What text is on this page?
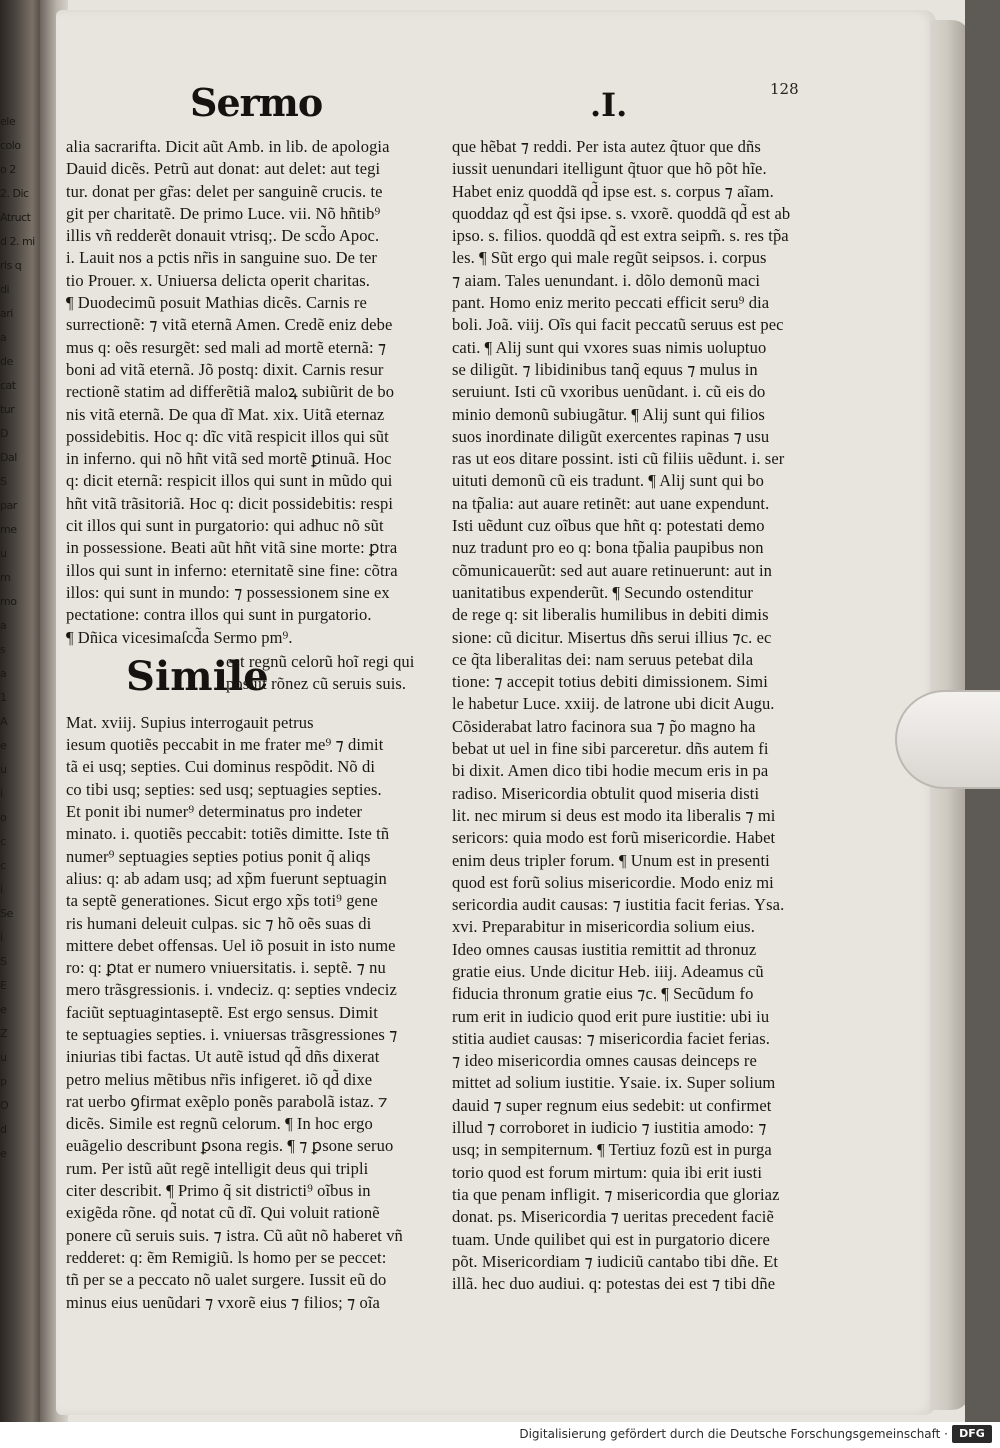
ele
colo
o 2
2. Dic
Atruct
d 2. mi
ris q
di
ari
a
de
cat
tur
D
Dal
S
par
me
u
m
mo
a
s
a
1
A
e
u
i
o
c
c
i
Se
i
S
E
e
Z
u
p
O
d
e
Sermo	.I.	128
alia sacrarifta. Dicit aũt Amb. in lib. de apologia
Dauid dicẽs. Petrũ aut donat: aut delet: aut tegi
tur. donat per gr̃as: delet per sanguinẽ crucis. te
git per charitatẽ. De primo Luce. vii. Nõ hñtib⁹
illis vñ redderẽt donauit vtrisq;. De scd̃o Apoc.
i. Lauit nos a pctis nr̃is in sanguine suo. De ter
tio Prouer. x. Uniuersa delicta operit charitas.
¶ Duodecimũ posuit Mathias dicẽs. Carnis re
surrectionẽ: ⁊ vitã eternã Amen. Credẽ eniz debe
mus q: oẽs resurgẽt: sed mali ad mortẽ eternã: ⁊
boni ad vitã eternã. Jõ postq: dixit. Carnis resur
rectionẽ statim ad differẽtiã maloꝝ subiũrit de bo
nis vitã eternã. De qua dĩ Mat. xix. Uitã eternaz
possidebitis. Hoc q: dĩc vitã respicit illos qui sũt
in inferno. qui nõ hñt vitã sed mortẽ ꝑtinuã. Hoc
q: dicit eternã: respicit illos qui sunt in mũdo qui
hñt vitã trãsitoriã. Hoc q: dicit possidebitis: respi
cit illos qui sunt in purgatorio: qui adhuc nõ sũt
in possessione. Beati aũt hñt vitã sine morte: ꝑtra
illos qui sunt in inferno: eternitatẽ sine fine: cõtra
illos: qui sunt in mundo: ⁊ possessionem sine ex
pectatione: contra illos qui sunt in purgatorio.
¶ Dñica vicesimaſcd̃a Sermo pm⁹.
Simile
est regnũ celorũ hoĩ regi qui
posuit rõnez cũ seruis suis.
Mat. xviij. Supius interrogauit petrus
iesum quotiẽs peccabit in me frater me⁹ ⁊ dimit
tã ei usq; septies. Cui dominus respõdit. Nõ di
co tibi usq; septies: sed usq; septuagies septies.
Et ponit ibi numer⁹ determinatus pro indeter
minato. i. quotiẽs peccabit: totiẽs dimitte. Iste tñ
numer⁹ septuagies septies potius ponit q̃ aliqs
alius: q: ab adam usq; ad xp̃m fuerunt septuagin
ta septẽ generationes. Sicut ergo xp̃s toti⁹ gene
ris humani deleuit culpas. sic ⁊ hõ oẽs suas di
mittere debet offensas. Uel iõ posuit in isto nume
ro: q: ꝑtat er numero vniuersitatis. i. septẽ. ⁊ nu
mero trãsgressionis. i. vndeciz. q: septies vndeciz
faciũt septuagintaseptẽ. Est ergo sensus. Dimit
te septuagies septies. i. vniuersas trãsgressiones ⁊
iniurias tibi factas. Ut autẽ istud qd̃ dñs dixerat
petro melius mẽtibus nr̃is infigeret. iõ qd̃ dixe
rat uerbo ꝯfirmat exẽplo ponẽs parabolã istaz. ⁊
dicẽs. Simile est regnũ celorum. ¶ In hoc ergo
euãgelio describunt ꝑsona regis. ¶ ⁊ ꝑsone seruo
rum. Per istũ aũt regẽ intelligit deus qui tripli
citer describit. ¶ Primo q̃ sit districti⁹ oĩbus in
exigẽda rõne. qd̃ notat cũ dĩ. Qui voluit rationẽ
ponere cũ seruis suis. ⁊ istra. Cũ aũt nõ haberet vñ
redderet: q: ẽm Remigiũ. ls homo per se peccet:
tñ per se a peccato nõ ualet surgere. Iussit eũ do
minus eius uenũdari ⁊ vxorẽ eius ⁊ filios; ⁊ oĩa
que hẽbat ⁊ reddi. Per ista autez q̃tuor que dñs
iussit uenundari itelligunt q̃tuor que hõ põt hĩe.
Habet eniz quoddã qd̃ ipse est. s. corpus ⁊ aĩam.
quoddaz qd̃ est q̃si ipse. s. vxorẽ. quoddã qd̃ est ab
ipso. s. filios. quoddã qd̃ est extra seipm̃. s. res tp̃a
les. ¶ Sũt ergo qui male regũt seipsos. i. corpus
⁊ aiam. Tales uenundant. i. dõlo demonũ maci
pant. Homo eniz merito peccati efficit seru⁹ dia
boli. Joã. viij. Oĩs qui facit peccatũ seruus est pec
cati. ¶ Alij sunt qui vxores suas nimis uoluptuo
se diligũt. ⁊ libidinibus tanq̃ equus ⁊ mulus in
seruiunt. Isti cũ vxoribus uenũdant. i. cũ eis do
minio demonũ subiugãtur. ¶ Alij sunt qui filios
suos inordinate diligũt exercentes rapinas ⁊ usu
ras ut eos ditare possint. isti cũ filiis uẽdunt. i. ser
uituti demonũ cũ eis tradunt. ¶ Alij sunt qui bo
na tp̃alia: aut auare retinẽt: aut uane expendunt.
Isti uẽdunt cuz oĩbus que hñt q: potestati demo
nuz tradunt pro eo q: bona tp̃alia paupibus non
cõmunicauerũt: sed aut auare retinuerunt: aut in
uanitatibus expenderũt. ¶ Secundo ostenditur
de rege q: sit liberalis humilibus in debiti dimis
sione: cũ dicitur. Misertus dñs serui illius ⁊c. ec
ce q̃ta liberalitas dei: nam seruus petebat dila
tione: ⁊ accepit totius debiti dimissionem. Simi
le habetur Luce. xxiij. de latrone ubi dicit Augu.
Cõsiderabat latro facinora sua ⁊ p̃o magno ha
bebat ut uel in fine sibi parceretur. dñs autem fi
bi dixit. Amen dico tibi hodie mecum eris in pa
radiso. Misericordia obtulit quod miseria disti
lit. nec mirum si deus est modo ita liberalis ⁊ mi
sericors: quia modo est forũ misericordie. Habet
enim deus tripler forum. ¶ Unum est in presenti
quod est forũ solius misericordie. Modo eniz mi
sericordia audit causas: ⁊ iustitia facit ferias. Ysa.
xvi. Preparabitur in misericordia solium eius.
Ideo omnes causas iustitia remittit ad thronuz
gratie eius. Unde dicitur Heb. iiij. Adeamus cũ
fiducia thronum gratie eius ⁊c. ¶ Secũdum fo
rum erit in iudicio quod erit pure iustitie: ubi iu
stitia audiet causas: ⁊ misericordia faciet ferias.
⁊ ideo misericordia omnes causas deinceps re
mittet ad solium iustitie. Ysaie. ix. Super solium
dauid ⁊ super regnum eius sedebit: ut confirmet
illud ⁊ corroboret in iudicio ⁊ iustitia amodo: ⁊
usq; in sempiternum. ¶ Tertiuz fozũ est in purga
torio quod est forum mirtum: quia ibi erit iusti
tia que penam infligit. ⁊ misericordia que gloriaz
donat. ps. Misericordia ⁊ ueritas precedent faciẽ
tuam. Unde quilibet qui est in purgatorio dicere
põt. Misericordiam ⁊ iudiciũ cantabo tibi dñe. Et
illã. hec duo audiui. q: potestas dei est ⁊ tibi dñe
Digitalisierung gefördert durch die Deutsche Forschungsgemeinschaft ·	DFG
